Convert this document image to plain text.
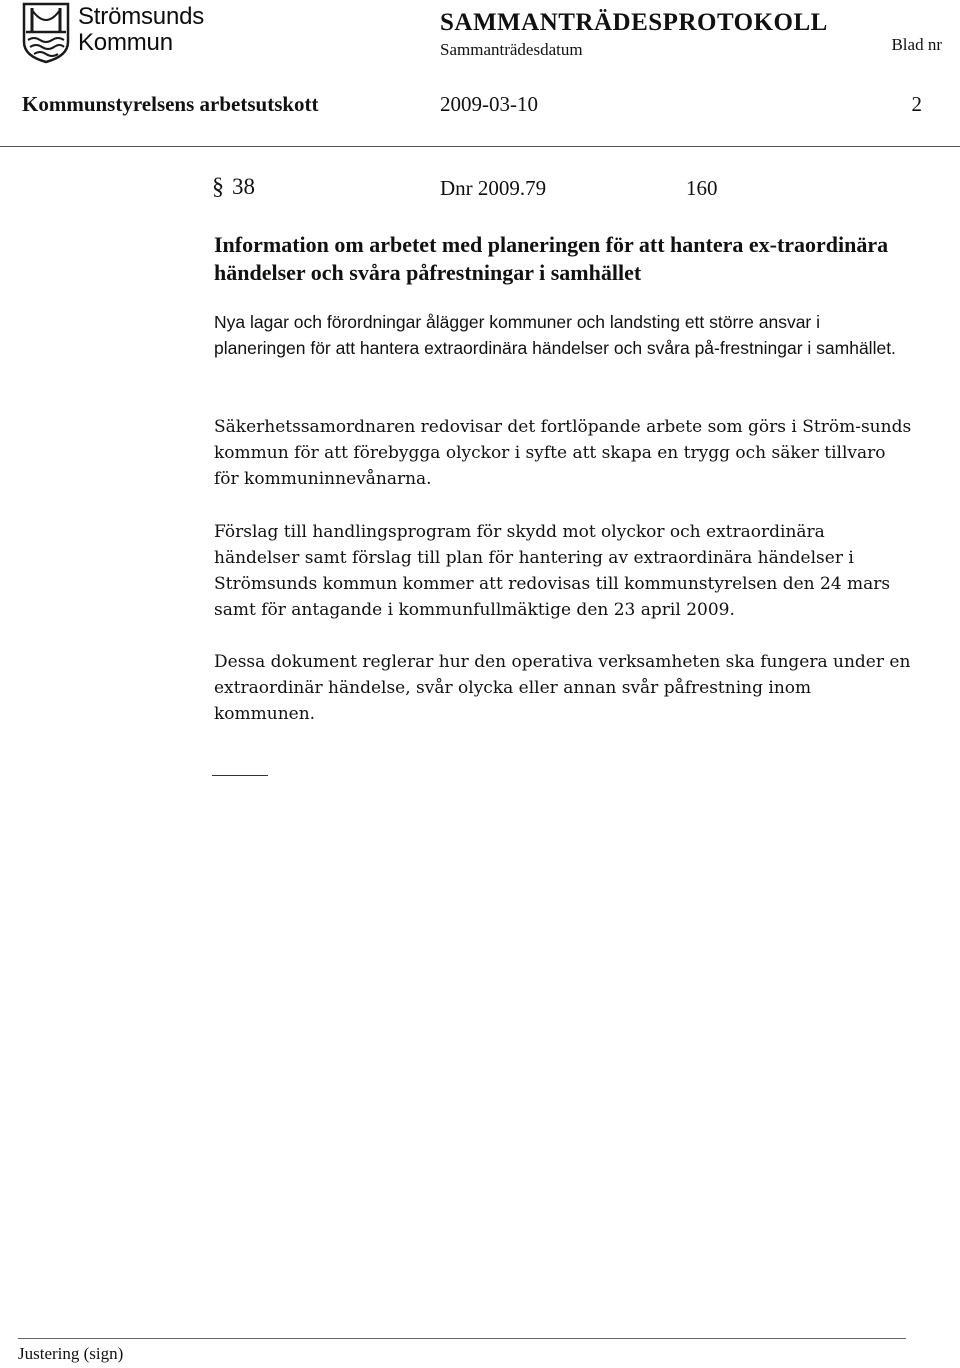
Strömsunds
Kommun
SAMMANTRÄDESPROTOKOLL
Sammanträdesdatum	Blad nr
Kommunstyrelsens arbetsutskott	2009-03-10	2
§ 38	Dnr 2009.79	160
Information om arbetet med planeringen för att hantera ex-traordinära händelser och svåra påfrestningar i samhället

Nya lagar och förordningar ålägger kommuner och landsting ett större ansvar i planeringen för att hantera extraordinära händelser och svåra på-frestningar i samhället.

Säkerhetssamordnaren redovisar det fortlöpande arbete som görs i Ström-sunds kommun för att förebygga olyckor i syfte att skapa en trygg och säker tillvaro för kommuninnevånarna.

Förslag till handlingsprogram för skydd mot olyckor och extraordinära händelser samt förslag till plan för hantering av extraordinära händelser i Strömsunds kommun kommer att redovisas till kommunstyrelsen den 24 mars samt för antagande i kommunfullmäktige den 23 april 2009.

Dessa dokument reglerar hur den operativa verksamheten ska fungera under en extraordinär händelse, svår olycka eller annan svår påfrestning inom kommunen.

Justering (sign)
